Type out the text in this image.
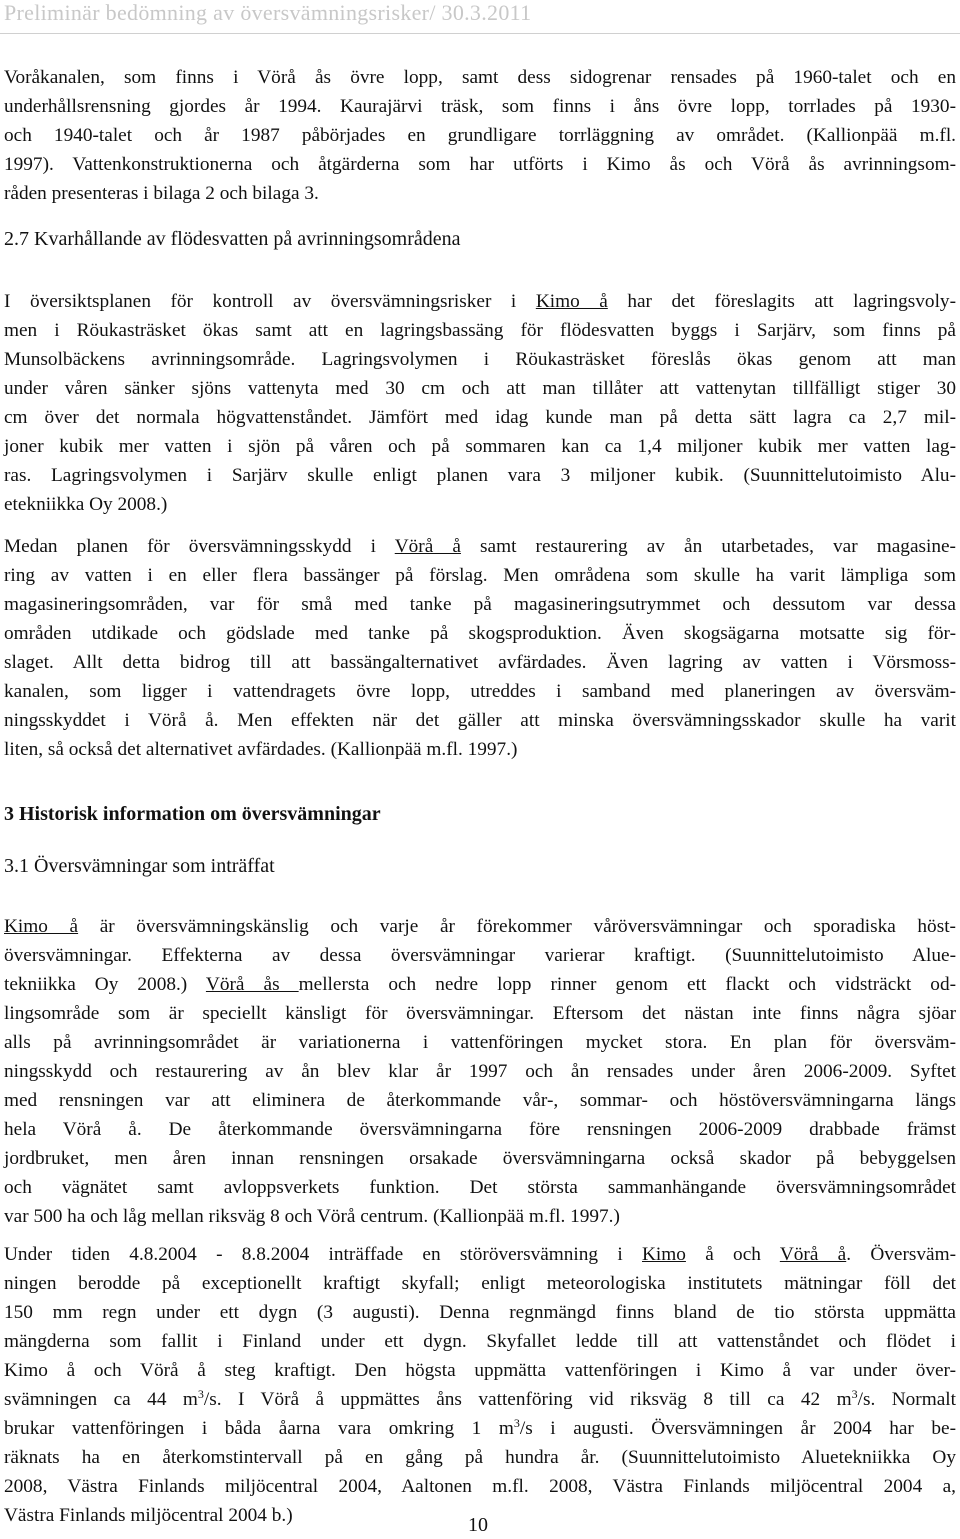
Preliminär bedömning av översvämningsrisker/ 30.3.2011
Voråkanalen, som finns i Vörå ås övre lopp, samt dess sidogrenar rensades på 1960-talet och en
underhållsrensning gjordes år 1994. Kaurajärvi träsk, som finns i åns övre lopp, torrlades på 1930-
och 1940-talet och år 1987 påbörjades en grundligare torrläggning av området. (Kallionpää m.fl.
1997). Vattenkonstruktionerna och åtgärderna som har utförts i Kimo ås och Vörå ås avrinningsom-
råden presenteras i bilaga 2 och bilaga 3.
2.7 Kvarhållande av flödesvatten på avrinningsområdena
I översiktsplanen för kontroll av översvämningsrisker i Kimo å har det föreslagits att lagringsvoly-
men i Röukasträsket ökas samt att en lagringsbassäng för flödesvatten byggs i Sarjärv, som finns på
Munsolbäckens avrinningsområde. Lagringsvolymen i Röukasträsket föreslås ökas genom att man
under våren sänker sjöns vattenyta med 30 cm och att man tillåter att vattenytan tillfälligt stiger 30
cm över det normala högvattenståndet. Jämfört med idag kunde man på detta sätt lagra ca 2,7 mil-
joner kubik mer vatten i sjön på våren och på sommaren kan ca 1,4 miljoner kubik mer vatten lag-
ras. Lagringsvolymen i Sarjärv skulle enligt planen vara 3 miljoner kubik. (Suunnittelutoimisto Alu-
etekniikka Oy 2008.)
Medan planen för översvämningsskydd i Vörå å samt restaurering av ån utarbetades, var magasine-
ring av vatten i en eller flera bassänger på förslag. Men områdena som skulle ha varit lämpliga som
magasineringsområden, var för små med tanke på magasineringsutrymmet och dessutom var dessa
områden utdikade och gödslade med tanke på skogsproduktion. Även skogsägarna motsatte sig för-
slaget. Allt detta bidrog till att bassängalternativet avfärdades. Även lagring av vatten i Vörsmoss-
kanalen, som ligger i vattendragets övre lopp, utreddes i samband med planeringen av översväm-
ningsskyddet i Vörå å. Men effekten när det gäller att minska översvämningsskador skulle ha varit
liten, så också det alternativet avfärdades. (Kallionpää m.fl. 1997.)
3 Historisk information om översvämningar
3.1 Översvämningar som inträffat
Kimo å är översvämningskänslig och varje år förekommer våröversvämningar och sporadiska höst-
översvämningar. Effekterna av dessa översvämningar varierar kraftigt. (Suunnittelutoimisto Alue-
tekniikka Oy 2008.) Vörå ås mellersta och nedre lopp rinner genom ett flackt och vidsträckt od-
lingsområde som är speciellt känsligt för översvämningar. Eftersom det nästan inte finns några sjöar
alls på avrinningsområdet är variationerna i vattenföringen mycket stora. En plan för översväm-
ningsskydd och restaurering av ån blev klar år 1997 och ån rensades under åren 2006-2009. Syftet
med rensningen var att eliminera de återkommande vår-, sommar- och höstöversvämningarna längs
hela Vörå å. De återkommande översvämningarna före rensningen 2006-2009 drabbade främst
jordbruket, men åren innan rensningen orsakade översvämningarna också skador på bebyggelsen
och vägnätet samt avloppsverkets funktion. Det största sammanhängande översvämningsområdet
var 500 ha och låg mellan riksväg 8 och Vörå centrum. (Kallionpää m.fl. 1997.)
Under tiden 4.8.2004 - 8.8.2004 inträffade en störöversvämning i Kimo å och Vörå å. Översväm-
ningen berodde på exceptionellt kraftigt skyfall; enligt meteorologiska institutets mätningar föll det
150 mm regn under ett dygn (3 augusti). Denna regnmängd finns bland de tio största uppmätta
mängderna som fallit i Finland under ett dygn. Skyfallet ledde till att vattenståndet och flödet i
Kimo å och Vörå å steg kraftigt. Den högsta uppmätta vattenföringen i Kimo å var under över-
svämningen ca 44 $m^3/s$. I Vörå å uppmättes åns vattenföring vid riksväg 8 till ca 42 $m^3/s$. Normalt
brukar vattenföringen i båda åarna vara omkring 1 $m^3/s$ i augusti. Översvämningen år 2004 har be-
räknats ha en återkomstintervall på en gång på hundra år. (Suunnittelutoimisto Aluetekniikka Oy
2008, Västra Finlands miljöcentral 2004, Aaltonen m.fl. 2008, Västra Finlands miljöcentral 2004 a,
Västra Finlands miljöcentral 2004 b.)	10
